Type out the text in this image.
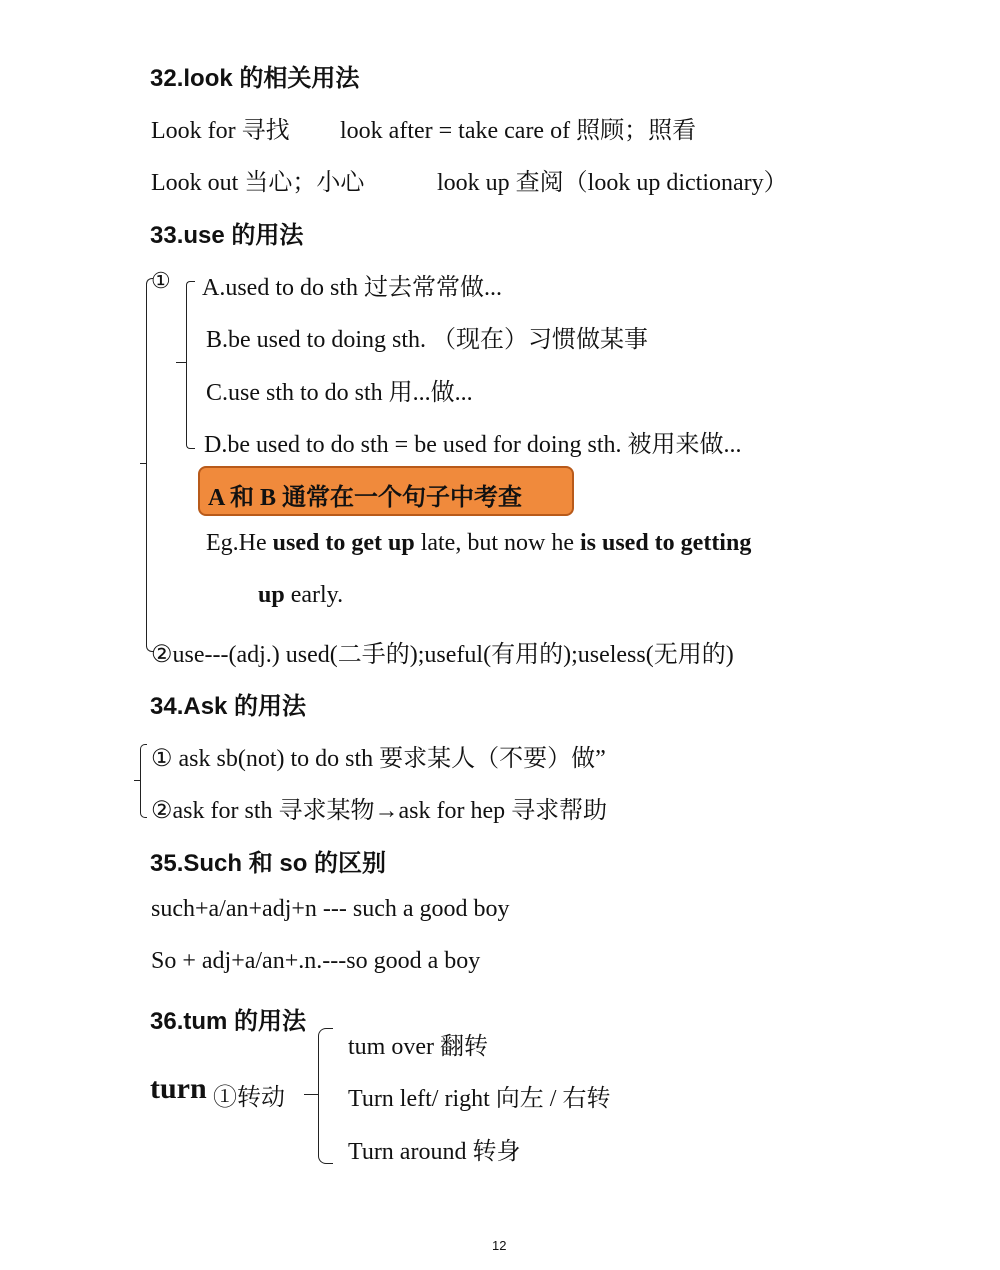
32.look 的相关用法
Look for 寻找 look after = take care of 照顾；照看
Look out 当心；小心	look up 查阅（look up dictionary）
33.use 的用法
① A.used to do sth 过去常常做...
B.be used to doing sth. （现在）习惯做某事
C.use sth to do sth 用...做...
D.be used to do sth = be used for doing sth. 被用来做...
A 和 B 通常在一个句子中考查
Eg.He used to get up late, but now he is used to getting
up early.
②use---(adj.) used(二手的);useful(有用的);useless(无用的)
34.Ask 的用法
① ask sb(not) to do sth 要求某人（不要）做”
②ask for sth 寻求某物→ask for hep 寻求帮助
35.Such 和 so 的区别
such+a/an+adj+n --- such a good boy
So + adj+a/an+.n.---so good a boy
36.tum 的用法
turn ①转动
tum over 翻转
Turn left/ right 向左 / 右转
Turn around 转身
12
